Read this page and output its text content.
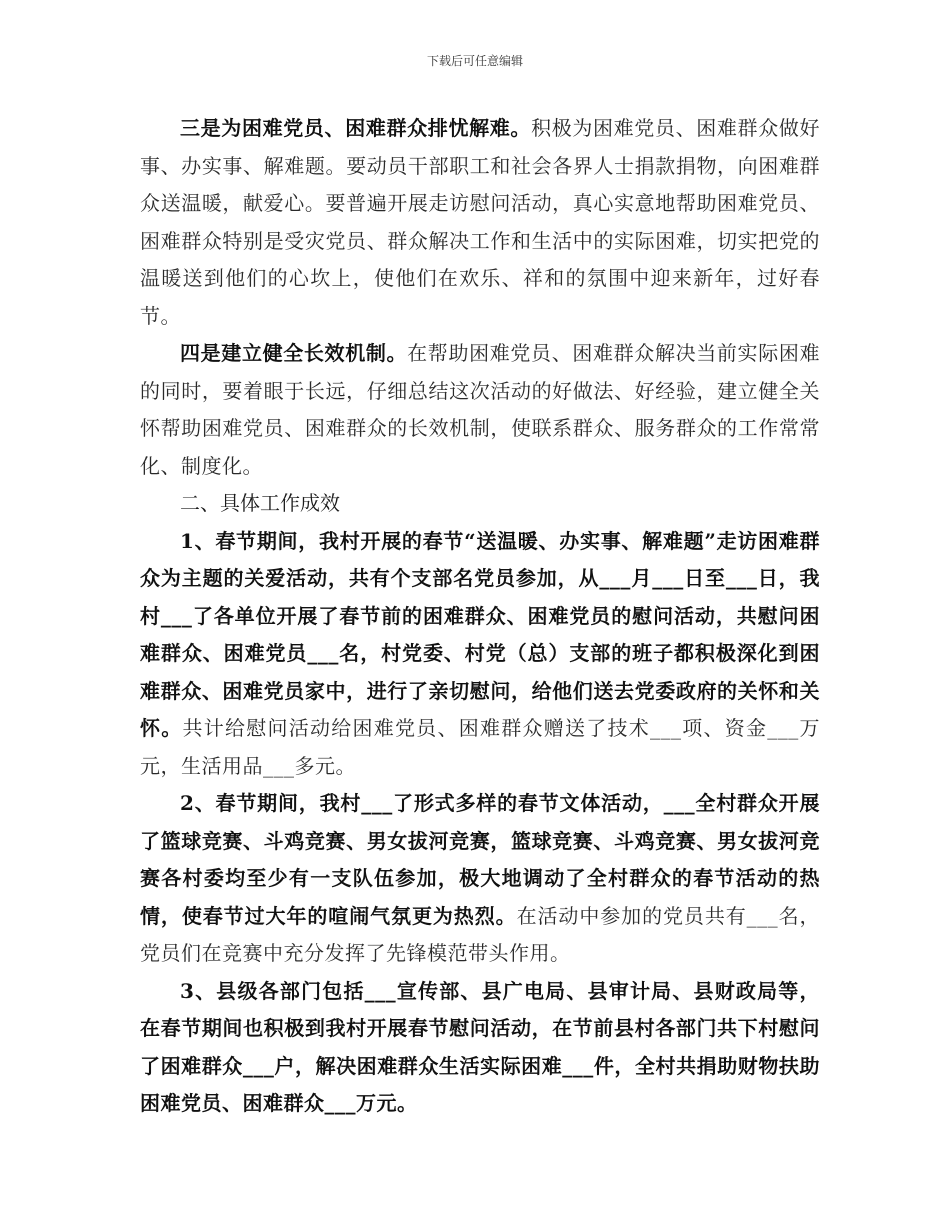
下载后可任意编辑

三是为困难党员、困难群众排忧解难。积极为困难党员、困难群众做好事、办实事、解难题。要动员干部职工和社会各界人士捐款捐物，向困难群众送温暖，献爱心。要普遍开展走访慰问活动，真心实意地帮助困难党员、困难群众特别是受灾党员、群众解决工作和生活中的实际困难，切实把党的温暖送到他们的心坎上，使他们在欢乐、祥和的氛围中迎来新年，过好春节。

四是建立健全长效机制。在帮助困难党员、困难群众解决当前实际困难的同时，要着眼于长远，仔细总结这次活动的好做法、好经验，建立健全关怀帮助困难党员、困难群众的长效机制，使联系群众、服务群众的工作常常化、制度化。

二、具体工作成效

1、春节期间，我村开展的春节“送温暖、办实事、解难题”走访困难群众为主题的关爱活动，共有个支部名党员参加，从___月___日至___日，我村___了各单位开展了春节前的困难群众、困难党员的慰问活动，共慰问困难群众、困难党员___名，村党委、村党（总）支部的班子都积极深化到困难群众、困难党员家中，进行了亲切慰问，给他们送去党委政府的关怀和关怀。共计给慰问活动给困难党员、困难群众赠送了技术___项、资金___万元，生活用品___多元。

2、春节期间，我村___了形式多样的春节文体活动，___全村群众开展了篮球竞赛、斗鸡竞赛、男女拔河竞赛，篮球竞赛、斗鸡竞赛、男女拔河竞赛各村委均至少有一支队伍参加，极大地调动了全村群众的春节活动的热情，使春节过大年的喧闹气氛更为热烈。在活动中参加的党员共有___名，党员们在竞赛中充分发挥了先锋模范带头作用。

3、县级各部门包括___宣传部、县广电局、县审计局、县财政局等，在春节期间也积极到我村开展春节慰问活动，在节前县村各部门共下村慰问了困难群众___户，解决困难群众生活实际困难___件，全村共捐助财物扶助困难党员、困难群众___万元。
